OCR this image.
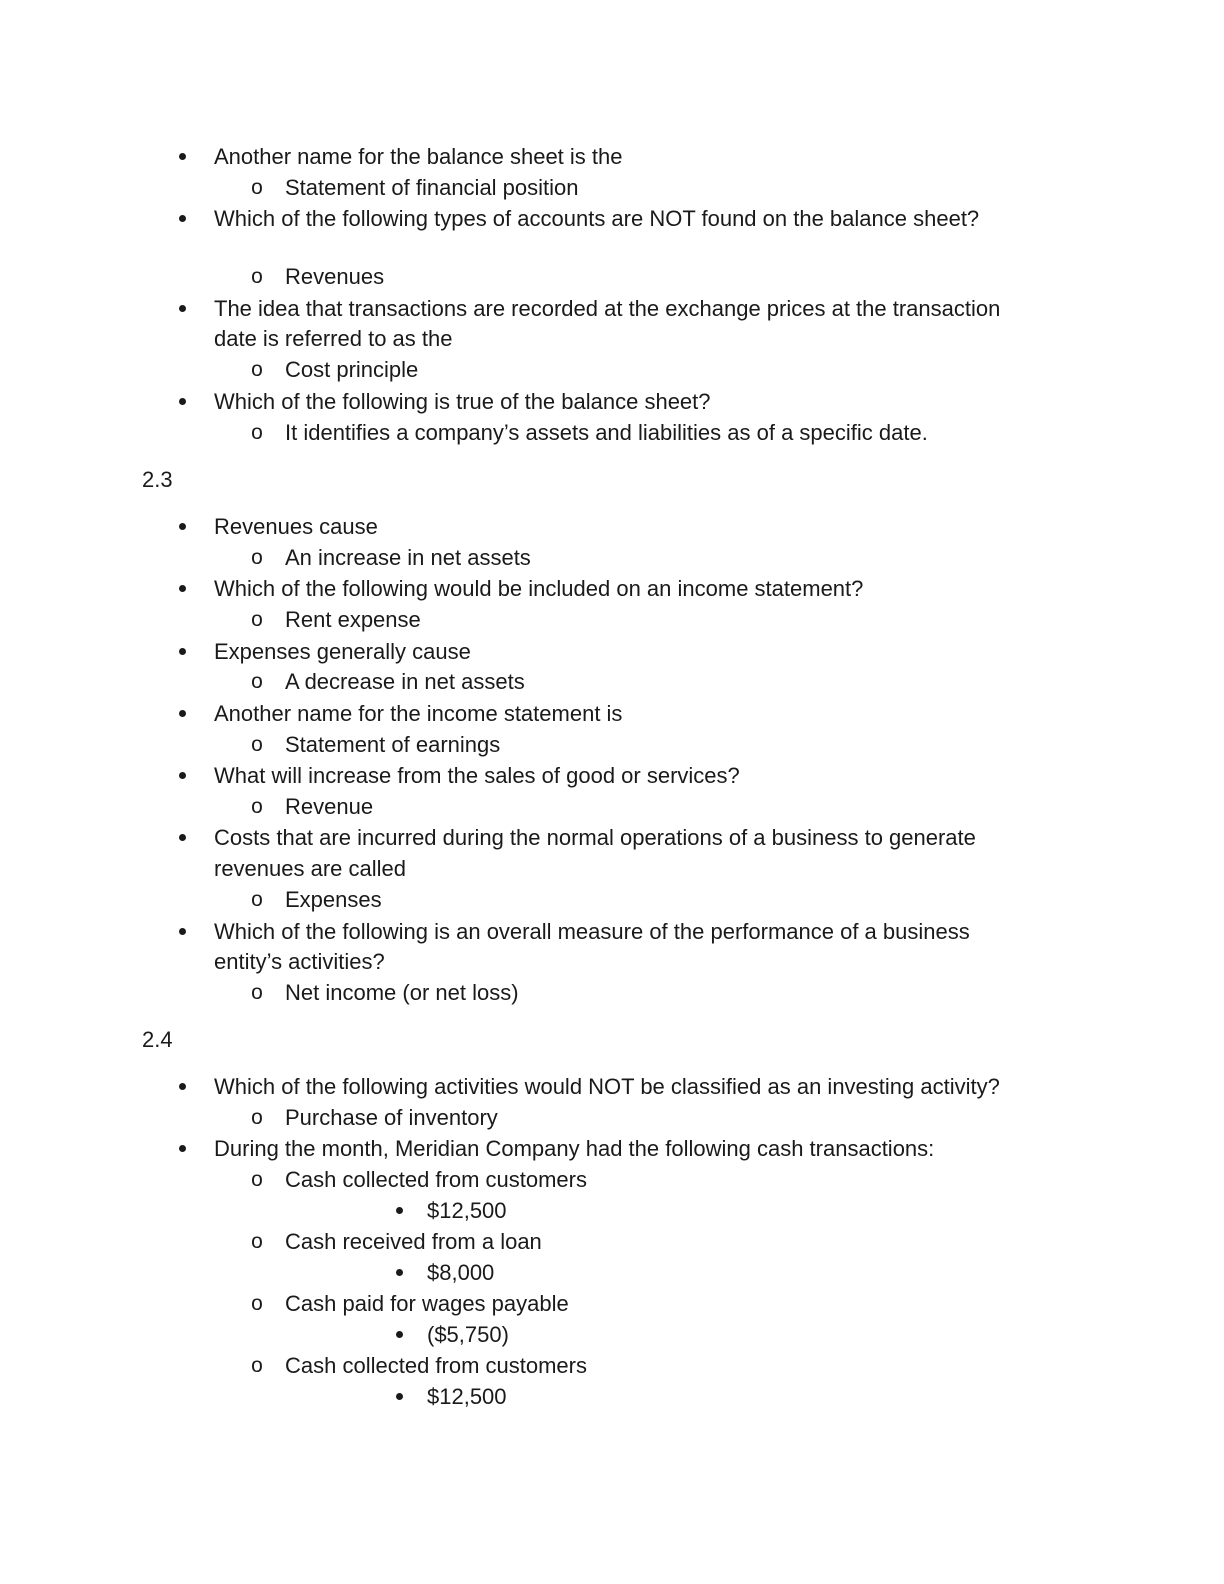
Another name for the balance sheet is the
o	Statement of financial position
Which of the following types of accounts are NOT found on the balance sheet?
o	Revenues
The idea that transactions are recorded at the exchange prices at the transaction
date is referred to as the
o	Cost principle
Which of the following is true of the balance sheet?
o	It identifies a company’s assets and liabilities as of a specific date.
2.3
Revenues cause
o	An increase in net assets
Which of the following would be included on an income statement?
o	Rent expense
Expenses generally cause
o	A decrease in net assets
Another name for the income statement is
o	Statement of earnings
What will increase from the sales of good or services?
o	Revenue
Costs that are incurred during the normal operations of a business to generate
revenues are called
o	Expenses
Which of the following is an overall measure of the performance of a business
entity’s activities?
o	Net income (or net loss)
2.4
Which of the following activities would NOT be classified as an investing activity?
o	Purchase of inventory
During the month, Meridian Company had the following cash transactions:
o	Cash collected from customers
$12,500
o	Cash received from a loan
$8,000
o	Cash paid for wages payable
($5,750)
o	Cash collected from customers
$12,500
